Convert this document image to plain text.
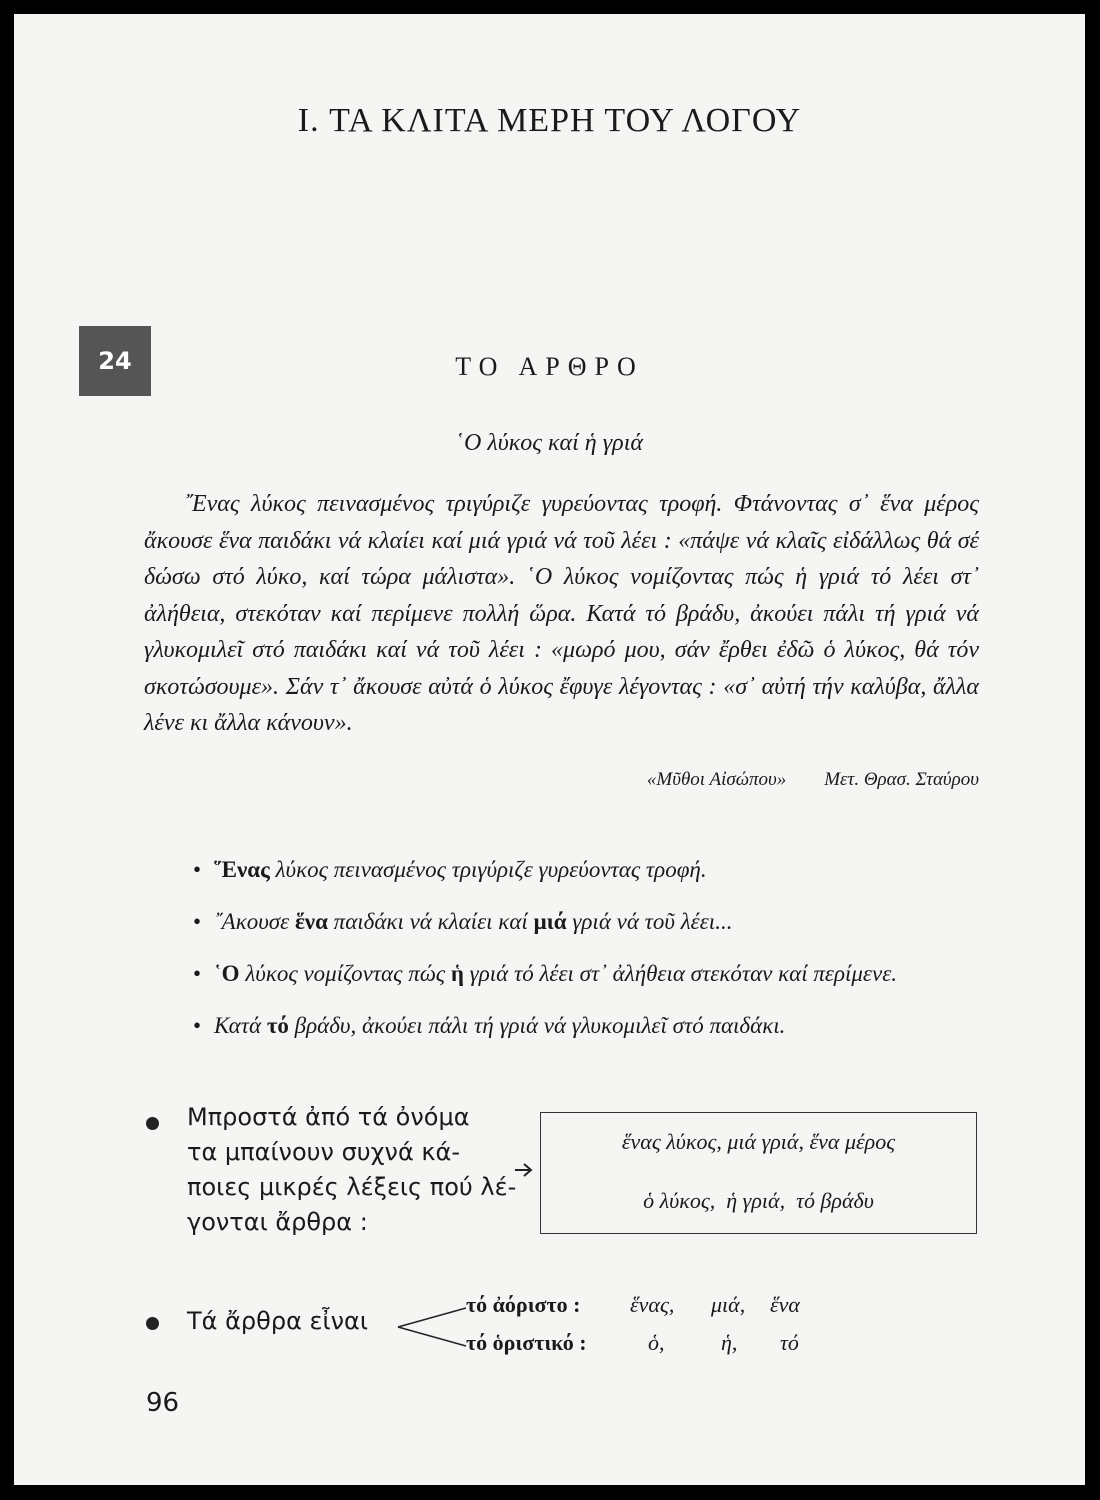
I. ΤΑ ΚΛΙΤΑ ΜΕΡΗ ΤΟΥ ΛΟΓΟΥ
24	ΤΟ ΑΡΘΡΟ
῾Ο λύκος καί ἡ γριά

῎Ενας λύκος πεινασμένος τριγύριζε γυρεύοντας τροφή. Φτάνοντας σ᾽ ἕνα μέρος ἄκουσε ἕνα παιδάκι νά κλαίει καί μιά γριά νά τοῦ λέει : «πάψε νά κλαῖς εἰδάλλως θά σέ δώσω στό λύκο, καί τώρα μάλιστα». ῾Ο λύκος νομίζοντας πώς ἡ γριά τό λέει στ᾽ ἀλήθεια, στεκόταν καί περίμενε πολλή ὥρα. Κατά τό βράδυ, ἀκούει πάλι τή γριά νά γλυκομιλεῖ στό παιδάκι καί νά τοῦ λέει : «μωρό μου, σάν ἔρθει ἐδῶ ὁ λύκος, θά τόν σκοτώσουμε». Σάν τ᾽ ἄκουσε αὐτά ὁ λύκος ἔφυγε λέγοντας : «σ᾽ αὐτή τήν καλύβα, ἄλλα λένε κι ἄλλα κάνουν».

«Μῦθοι Αἰσώπου» Μετ. Θρασ. Σταύρου
• ῞Ενας λύκος πεινασμένος τριγύριζε γυρεύοντας τροφή.
• ῎Ακουσε ἕνα παιδάκι νά κλαίει καί μιά γριά νά τοῦ λέει...
• ῾Ο λύκος νομίζοντας πώς ἡ γριά τό λέει στ᾽ ἀλήθεια στεκόταν καί περίμενε.
• Κατά τό βράδυ, ἀκούει πάλι τή γριά νά γλυκομιλεῖ στό παιδάκι.
Μπροστά ἀπό τά ὀνόμα
τα μπαίνουν συχνά κά-
ποιες μικρές λέξεις πού λέ-
γονται ἄρθρα :
ἕνας λύκος, μιά γριά, ἕνα μέρος
ὁ λύκος,  ἡ γριά,  τό βράδυ
Τά ἄρθρα εἶναι
τό ἀόριστο : ἕνας, μιά, ἕνα
τό ὁριστικό :	ὁ,	ἡ, τό
96
